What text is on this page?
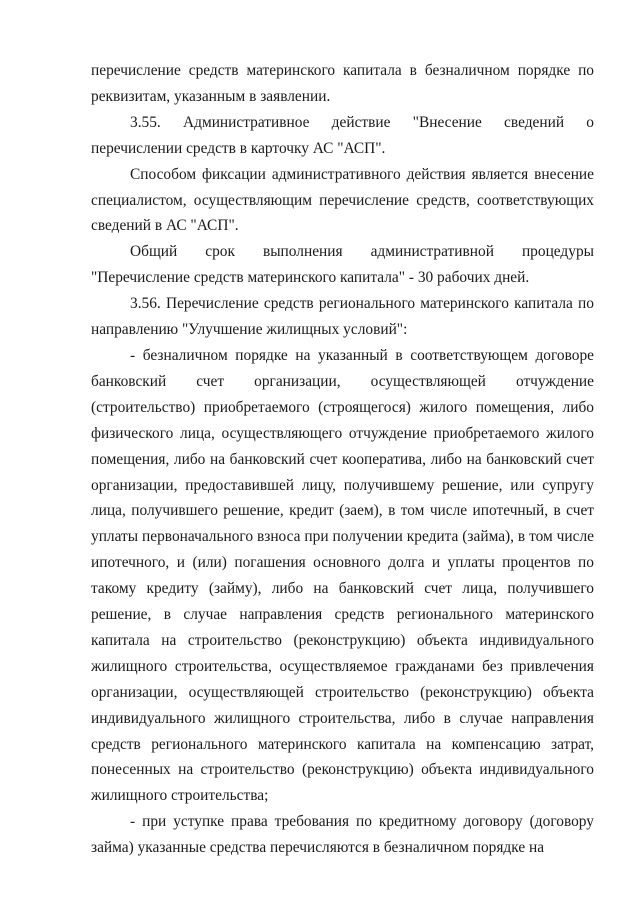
перечисление средств материнского капитала в безналичном порядке по реквизитам, указанным в заявлении.

3.55. Административное действие "Внесение сведений о перечислении средств в карточку АС "АСП".

Способом фиксации административного действия является внесение специалистом, осуществляющим перечисление средств, соответствующих сведений в АС "АСП".

Общий срок выполнения административной процедуры "Перечисление средств материнского капитала" - 30 рабочих дней.

3.56. Перечисление средств регионального материнского капитала по направлению "Улучшение жилищных условий":

- безналичном порядке на указанный в соответствующем договоре банковский счет организации, осуществляющей отчуждение (строительство) приобретаемого (строящегося) жилого помещения, либо физического лица, осуществляющего отчуждение приобретаемого жилого помещения, либо на банковский счет кооператива, либо на банковский счет организации, предоставившей лицу, получившему решение, или супругу лица, получившего решение, кредит (заем), в том числе ипотечный, в счет уплаты первоначального взноса при получении кредита (займа), в том числе ипотечного, и (или) погашения основного долга и уплаты процентов по такому кредиту (займу), либо на банковский счет лица, получившего решение, в случае направления средств регионального материнского капитала на строительство (реконструкцию) объекта индивидуального жилищного строительства, осуществляемое гражданами без привлечения организации, осуществляющей строительство (реконструкцию) объекта индивидуального жилищного строительства, либо в случае направления средств регионального материнского капитала на компенсацию затрат, понесенных на строительство (реконструкцию) объекта индивидуального жилищного строительства;

- при уступке права требования по кредитному договору (договору займа) указанные средства перечисляются в безналичном порядке на
